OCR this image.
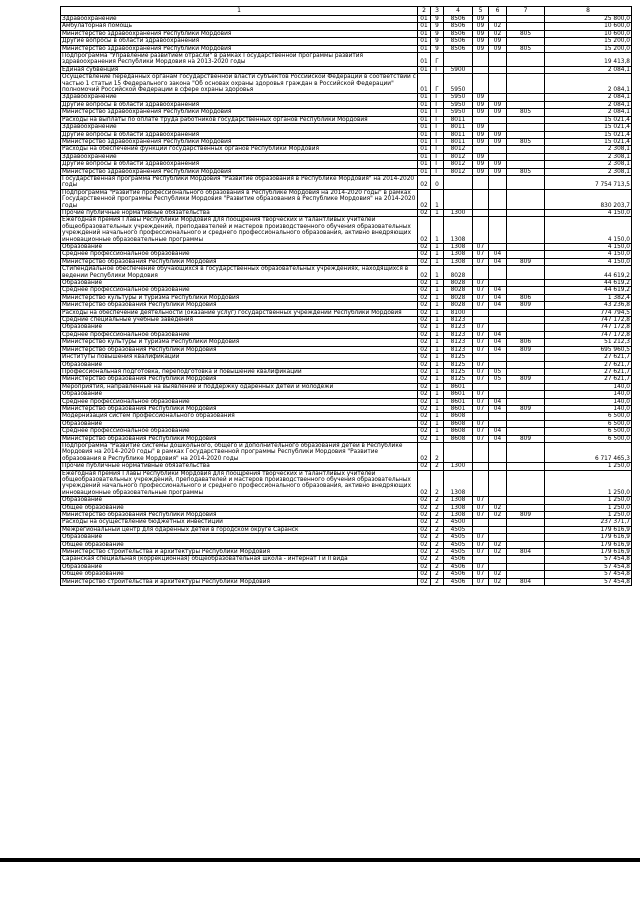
1	2	3	4	5	6	7	8
Здравоохранение	01	9	8506	09			25 800,0
Амбулаторная помощь	01	9	8506	09	02		10 600,0
Министерство здравоохранения Республики Мордовия	01	9	8506	09	02	805	10 600,0
Другие вопросы в области здравоохранения	01	9	8506	09	09		15 200,0
Министерство здравоохранения Республики Мордовия	01	9	8506	09	09	805	15 200,0
Подпрограмма "Управление развитием отрасли" в рамках Государственной программы развития здравоохранения Республики Мордовия на 2013-2020 годы	01	Г					19 413,8
Единая субвенция	01	Г	5900				2 084,1
Осуществление переданных органам государственной власти субъектов Российской Федерации в соответствии с частью 1 статьи 15 Федерального закона "Об основах охраны здоровья граждан в Российской Федерации" полномочий Российской Федерации в сфере охраны здоровья	01	Г	5950				2 084,1
Здравоохранение	01	Г	5950	09			2 084,1
Другие вопросы в области здравоохранения	01	Г	5950	09	09		2 084,1
Министерство здравоохранения Республики Мордовия	01	Г	5950	09	09	805	2 084,1
Расходы на выплаты по оплате труда работников государственных органов Республики Мордовия	01	Г	8011				15 021,4
Здравоохранение	01	Г	8011	09			15 021,4
Другие вопросы в области здравоохранения	01	Г	8011	09	09		15 021,4
Министерство здравоохранения Республики Мордовия	01	Г	8011	09	09	805	15 021,4
Расходы на обеспечение функций государственных органов Республики Мордовия	01	Г	8012				2 308,1
Здравоохранение	01	Г	8012	09			2 308,1
Другие вопросы в области здравоохранения	01	Г	8012	09	09		2 308,1
Министерство здравоохранения Республики Мордовия	01	Г	8012	09	09	805	2 308,1
Государственная программа Республики Мордовия "Развитие образования в Республике Мордовия" на 2014-2020 годы	02	0					7 754 713,5
Подпрограмма "Развитие профессионального образования в Республике Мордовия на 2014-2020 годы" в рамках Государственной программы Республики Мордовия "Развитие образования в Республике Мордовия" на 2014-2020 годы	02	1					830 203,7
Прочие публичные нормативные обязательства	02	1	1300				4 150,0
Ежегодная премия Главы Республики Мордовия для поощрения творческих и талантливых учителей общеобразовательных учреждений, преподавателей и мастеров производственного обучения образовательных учреждений начального профессионального и среднего профессионального образования, активно внедряющих инновационные образовательные программы	02	1	1308				4 150,0
Образование	02	1	1308	07			4 150,0
Среднее профессиональное образование	02	1	1308	07	04		4 150,0
Министерство образования Республики Мордовия	02	1	1308	07	04	809	4 150,0
Стипендиальное обеспечение обучающихся в государственных образовательных учреждениях, находящихся в ведении Республики Мордовия	02	1	8028				44 619,2
Образование	02	1	8028	07			44 619,2
Среднее профессиональное образование	02	1	8028	07	04		44 619,2
Министерство культуры и туризма Республики Мордовия	02	1	8028	07	04	806	1 382,4
Министерство образования Республики Мордовия	02	1	8028	07	04	809	43 236,8
Расходы на обеспечение деятельности (оказание услуг) государственных учреждений Республики Мордовия	02	1	8100				774 794,5
Средние специальные учебные заведения	02	1	8123				747 172,8
Образование	02	1	8123	07			747 172,8
Среднее профессиональное образование	02	1	8123	07	04		747 172,8
Министерство культуры и туризма Республики Мордовия	02	1	8123	07	04	806	51 212,3
Министерство образования Республики Мордовия	02	1	8123	07	04	809	695 960,5
Институты повышения квалификации	02	1	8125				27 621,7
Образование	02	1	8125	07			27 621,7
Профессиональная подготовка, переподготовка и повышение квалификации	02	1	8125	07	05		27 621,7
Министерство образования Республики Мордовия	02	1	8125	07	05	809	27 621,7
Мероприятия, направленные на выявление и поддержку одаренных детей и молодежи	02	1	8601				140,0
Образование	02	1	8601	07			140,0
Среднее профессиональное образование	02	1	8601	07	04		140,0
Министерство образования Республики Мордовия	02	1	8601	07	04	809	140,0
Модернизация систем профессионального образования	02	1	8608				6 500,0
Образование	02	1	8608	07			6 500,0
Среднее профессиональное образование	02	1	8608	07	04		6 500,0
Министерство образования Республики Мордовия	02	1	8608	07	04	809	6 500,0
Подпрограмма "Развитие системы дошкольного, общего и дополнительного образования детей в Республике Мордовия на 2014-2020 годы" в рамках Государственной программы Республики Мордовия "Развитие образования в Республике Мордовия" на 2014-2020 годы	02	2					6 717 465,3
Прочие публичные нормативные обязательства	02	2	1300				1 250,0
Ежегодная премия Главы Республики Мордовия для поощрения творческих и талантливых учителей общеобразовательных учреждений, преподавателей и мастеров производственного обучения образовательных учреждений начального профессионального и среднего профессионального образования, активно внедряющих инновационные образовательные программы	02	2	1308				1 250,0
Образование	02	2	1308	07			1 250,0
Общее образование	02	2	1308	07	02		1 250,0
Министерство образования Республики Мордовия	02	2	1308	07	02	809	1 250,0
Расходы на осуществление бюджетных инвестиций	02	2	4500				237 371,7
Межрегиональный центр для одаренных детей в городском округе Саранск	02	2	4505				179 616,9
Образование	02	2	4505	07			179 616,9
Общее образование	02	2	4505	07	02		179 616,9
Министерство строительства и архитектуры Республики Мордовия	02	2	4505	07	02	804	179 616,9
Саранская специальная (коррекционная) общеобразовательная школа - интернат I и II вида	02	2	4506				57 454,8
Образование	02	2	4506	07			57 454,8
Общее образование	02	2	4506	07	02		57 454,8
Министерство строительства и архитектуры Республики Мордовия	02	2	4506	07	02	804	57 454,8
